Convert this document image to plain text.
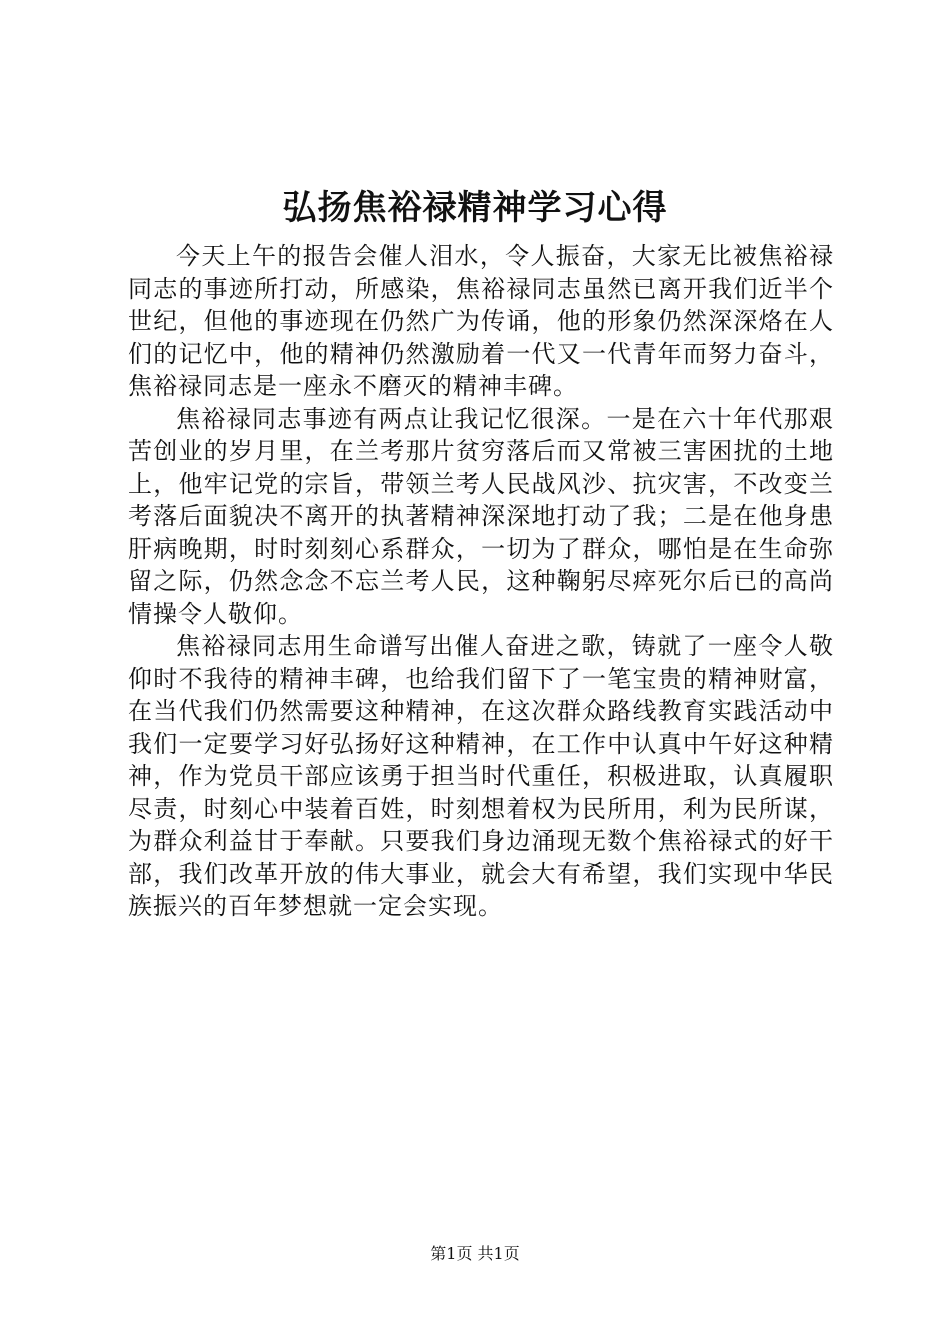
弘扬焦裕禄精神学习心得

今天上午的报告会催人泪水，令人振奋，大家无比被焦裕禄同志的事迹所打动，所感染，焦裕禄同志虽然已离开我们近半个世纪，但他的事迹现在仍然广为传诵，他的形象仍然深深烙在人们的记忆中，他的精神仍然激励着一代又一代青年而努力奋斗，焦裕禄同志是一座永不磨灭的精神丰碑。

焦裕禄同志事迹有两点让我记忆很深。一是在六十年代那艰苦创业的岁月里，在兰考那片贫穷落后而又常被三害困扰的土地上，他牢记党的宗旨，带领兰考人民战风沙、抗灾害，不改变兰考落后面貌决不离开的执著精神深深地打动了我；二是在他身患肝病晚期，时时刻刻心系群众，一切为了群众，哪怕是在生命弥留之际，仍然念念不忘兰考人民，这种鞠躬尽瘁死尔后已的高尚情操令人敬仰。

焦裕禄同志用生命谱写出催人奋进之歌，铸就了一座令人敬仰时不我待的精神丰碑，也给我们留下了一笔宝贵的精神财富，在当代我们仍然需要这种精神，在这次群众路线教育实践活动中我们一定要学习好弘扬好这种精神，在工作中认真中午好这种精神，作为党员干部应该勇于担当时代重任，积极进取，认真履职尽责，时刻心中装着百姓，时刻想着权为民所用，利为民所谋，为群众利益甘于奉献。只要我们身边涌现无数个焦裕禄式的好干部，我们改革开放的伟大事业，就会大有希望，我们实现中华民族振兴的百年梦想就一定会实现。

第1页 共1页
